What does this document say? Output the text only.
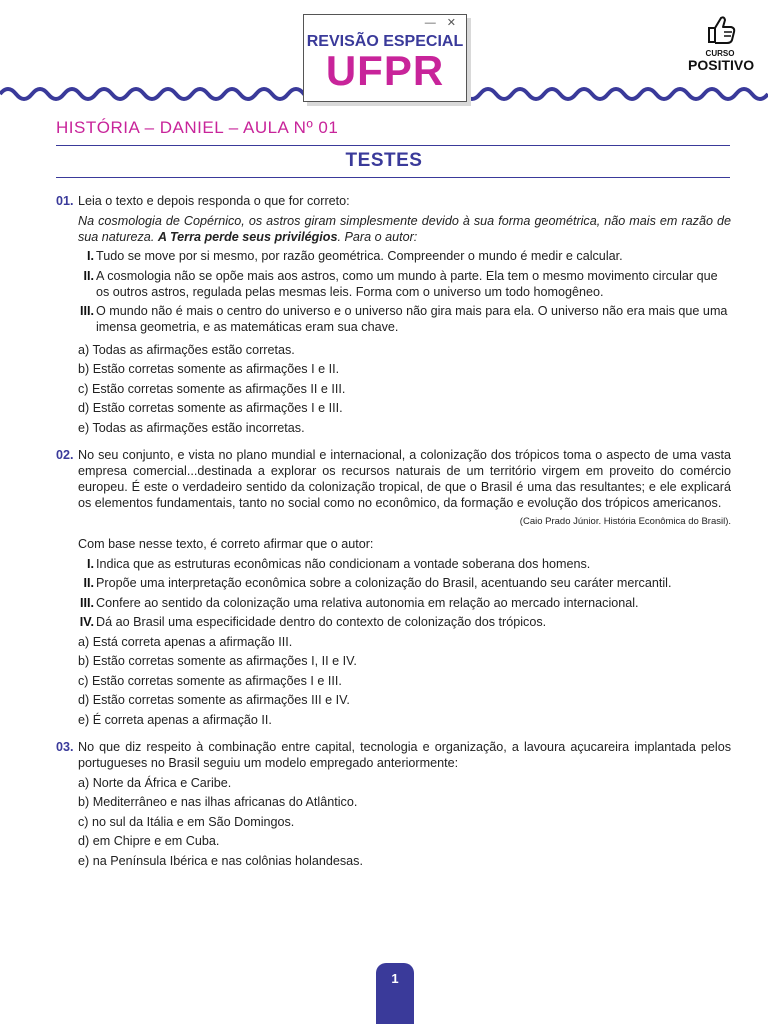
— ✕
REVISÃO ESPECIAL
UFPR	CURSO
POSITIVO
HISTÓRIA – DANIEL – AULA Nº 01
TESTES
01. Leia o texto e depois responda o que for correto:
Na cosmologia de Copérnico, os astros giram simplesmente devido à sua forma geométrica, não mais em razão de sua natureza. A Terra perde seus privilégios. Para o autor:
I. Tudo se move por si mesmo, por razão geométrica. Compreender o mundo é medir e calcular.
II. A cosmologia não se opõe mais aos astros, como um mundo à parte. Ela tem o mesmo movimento circular que os outros astros, regulada pelas mesmas leis. Forma com o universo um todo homogêneo.
III. O mundo não é mais o centro do universo e o universo não gira mais para ela. O universo não era mais que uma imensa geometria, e as matemáticas eram sua chave.
a) Todas as afirmações estão corretas.
b) Estão corretas somente as afirmações I e II.
c) Estão corretas somente as afirmações II e III.
d) Estão corretas somente as afirmações I e III.
e) Todas as afirmações estão incorretas.
02. No seu conjunto, e vista no plano mundial e internacional, a colonização dos trópicos toma o aspecto de uma vasta empresa comercial...destinada a explorar os recursos naturais de um território virgem em proveito do comércio europeu. É este o verdadeiro sentido da colonização tropical, de que o Brasil é uma das resultantes; e ele explicará os elementos fundamentais, tanto no social como no econômico, da formação e evolução dos trópicos americanos.
(Caio Prado Júnior. História Econômica do Brasil).
Com base nesse texto, é correto afirmar que o autor:
I. Indica que as estruturas econômicas não condicionam a vontade soberana dos homens.
II. Propõe uma interpretação econômica sobre a colonização do Brasil, acentuando seu caráter mercantil.
III. Confere ao sentido da colonização uma relativa autonomia em relação ao mercado internacional.
IV. Dá ao Brasil uma especificidade dentro do contexto de colonização dos trópicos.
a) Está correta apenas a afirmação III.
b) Estão corretas somente as afirmações I, II e IV.
c) Estão corretas somente as afirmações I e III.
d) Estão corretas somente as afirmações III e IV.
e) É correta apenas a afirmação II.
03. No que diz respeito à combinação entre capital, tecnologia e organização, a lavoura açucareira implantada pelos portugueses no Brasil seguiu um modelo empregado anteriormente:
a) Norte da África e Caribe.
b) Mediterrâneo e nas ilhas africanas do Atlântico.
c) no sul da Itália e em São Domingos.
d) em Chipre e em Cuba.
e) na Península Ibérica e nas colônias holandesas.
1
